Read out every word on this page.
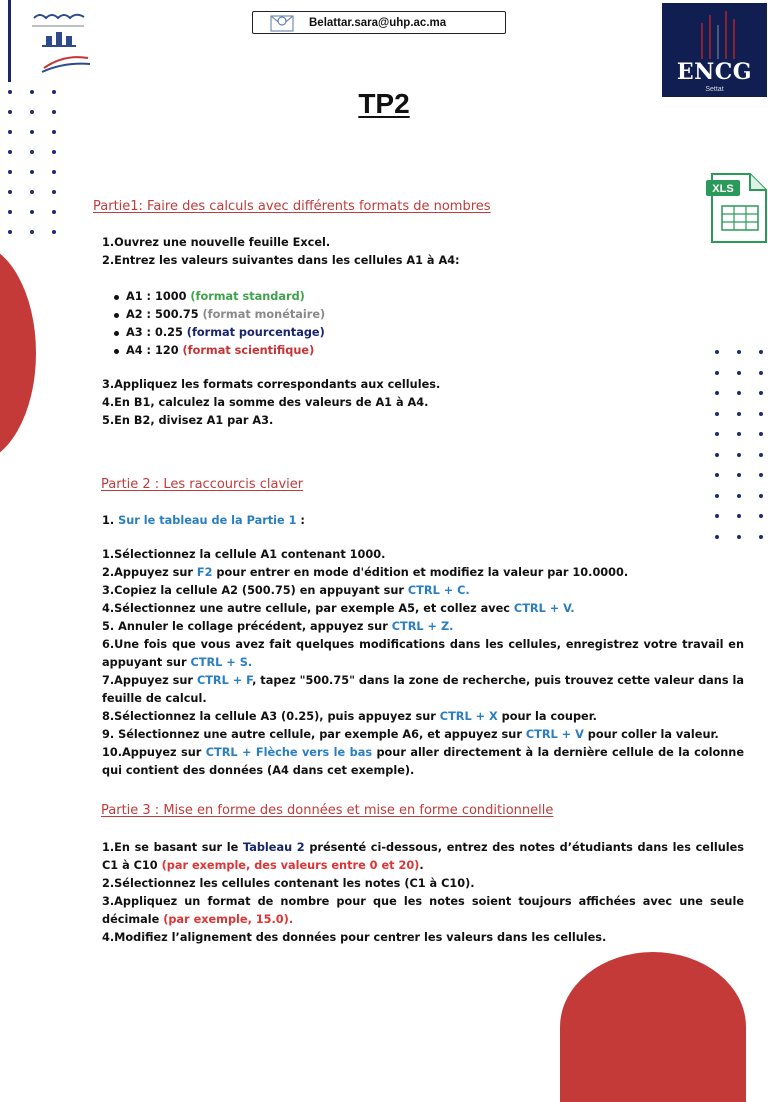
Belattar.sara@uhp.ac.ma
ENCG
Settat
TP2
XLS
Partie1: Faire des calculs avec différents formats de nombres
1.Ouvrez une nouvelle feuille Excel.
2.Entrez les valeurs suivantes dans les cellules A1 à A4:
A1 : 1000 (format standard)
A2 : 500.75 (format monétaire)
A3 : 0.25 (format pourcentage)
A4 : 120 (format scientifique)
3.Appliquez les formats correspondants aux cellules.
4.En B1, calculez la somme des valeurs de A1 à A4.
5.En B2, divisez A1 par A3.
Partie 2 : Les raccourcis clavier
1. Sur le tableau de la Partie 1 :
1.Sélectionnez la cellule A1 contenant 1000.
2.Appuyez sur F2 pour entrer en mode d'édition et modifiez la valeur par 10.0000.
3.Copiez la cellule A2 (500.75) en appuyant sur CTRL + C.
4.Sélectionnez une autre cellule, par exemple A5, et collez avec CTRL + V.
5. Annuler le collage précédent, appuyez sur CTRL + Z.
6.Une fois que vous avez fait quelques modifications dans les cellules, enregistrez votre travail en appuyant sur CTRL + S.
7.Appuyez sur CTRL + F, tapez "500.75" dans la zone de recherche, puis trouvez cette valeur dans la feuille de calcul.
8.Sélectionnez la cellule A3 (0.25), puis appuyez sur CTRL + X pour la couper.
9. Sélectionnez une autre cellule, par exemple A6, et appuyez sur CTRL + V pour coller la valeur.
10.Appuyez sur CTRL + Flèche vers le bas pour aller directement à la dernière cellule de la colonne qui contient des données (A4 dans cet exemple).
Partie 3 : Mise en forme des données et mise en forme conditionnelle
1.En se basant sur le Tableau 2 présenté ci-dessous, entrez des notes d’étudiants dans les cellules C1 à C10 (par exemple, des valeurs entre 0 et 20).
2.Sélectionnez les cellules contenant les notes (C1 à C10).
3.Appliquez un format de nombre pour que les notes soient toujours affichées avec une seule décimale (par exemple, 15.0).
4.Modifiez l’alignement des données pour centrer les valeurs dans les cellules.
